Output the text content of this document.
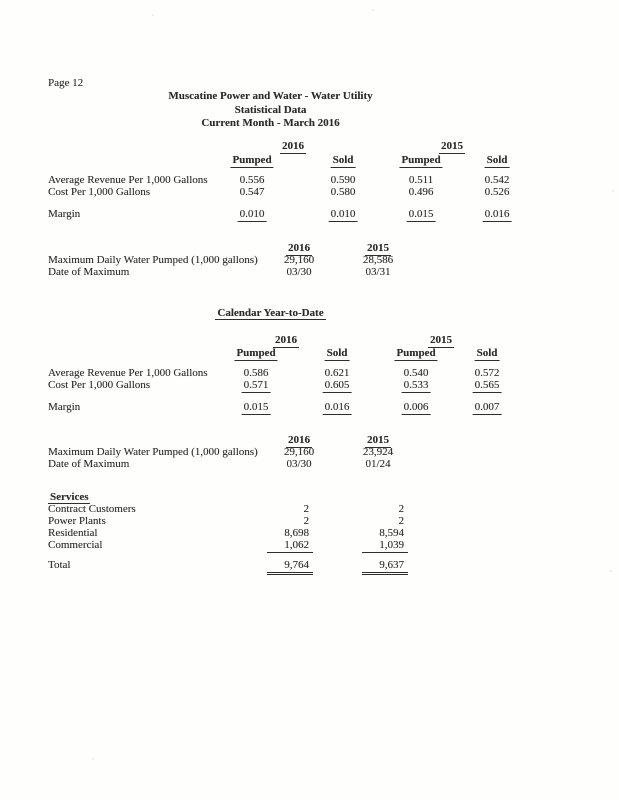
Page 12
Muscatine Power and Water - Water Utility
Statistical Data
Current Month - March 2016
2016	2015
Pumped	Sold	Pumped	Sold
Average Revenue Per 1,000 Gallons	0.556	0.590	0.511	0.542
Cost Per 1,000 Gallons	0.547	0.580	0.496	0.526
Margin	0.010	0.010	0.015	0.016
2016	2015
Maximum Daily Water Pumped (1,000 gallons) 29,160	28,586
Date of Maximum	03/30	03/31
Calendar Year-to-Date
2016	2015
Pumped	Sold	Pumped	Sold
Average Revenue Per 1,000 Gallons	0.586	0.621	0.540	0.572
Cost Per 1,000 Gallons	0.571	0.605	0.533	0.565
Margin	0.015	0.016	0.006	0.007
2016	2015
Maximum Daily Water Pumped (1,000 gallons) 29,160	23,924
Date of Maximum	03/30	01/24
Services
Contract Customers	2	2
Power Plants	2	2
Residential	8,698	8,594
Commercial	1,062	1,039
Total	9,764	9,637
